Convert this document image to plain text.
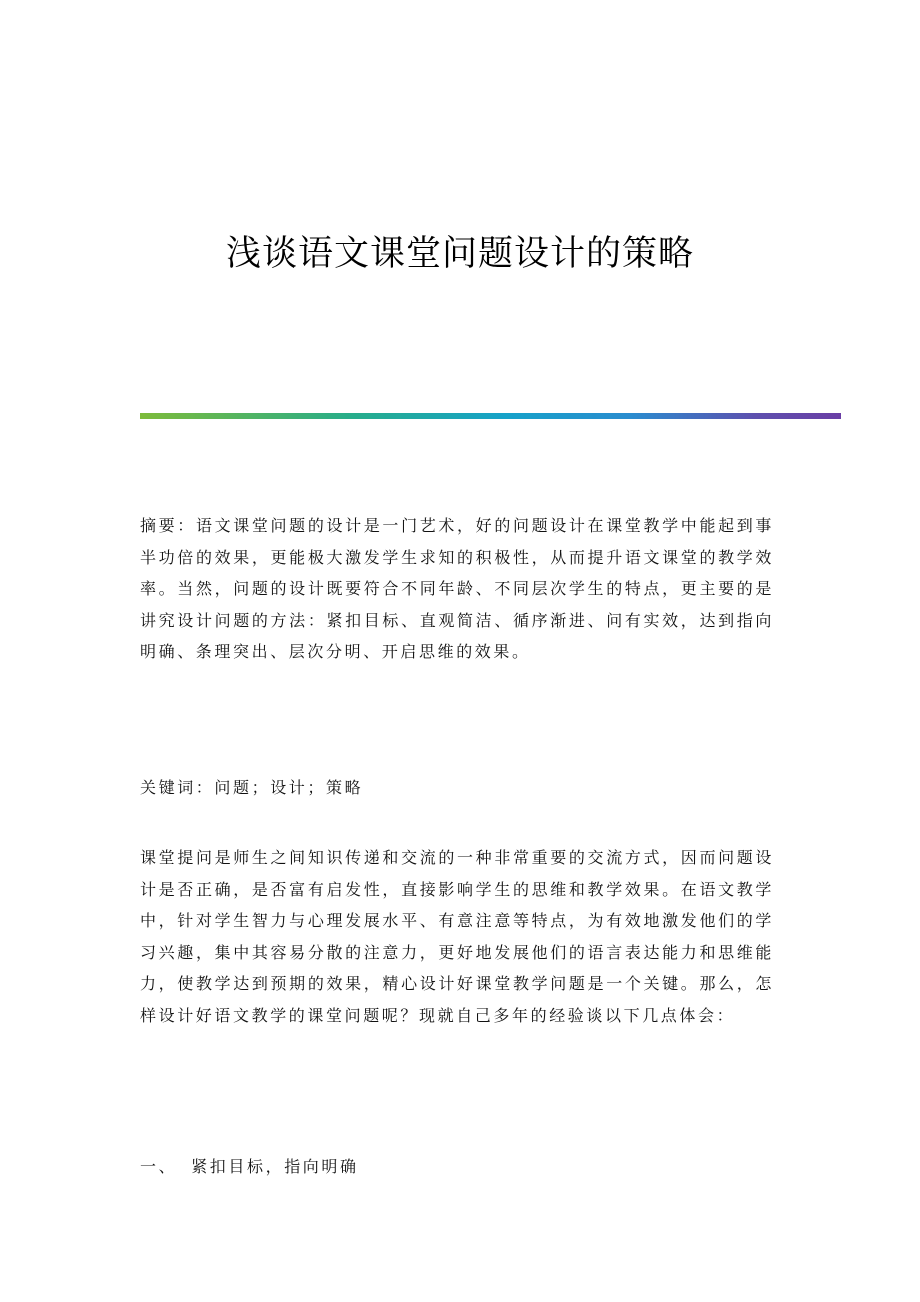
浅谈语文课堂问题设计的策略
摘要：语文课堂问题的设计是一门艺术，好的问题设计在课堂教学中能起到事半功倍的效果，更能极大激发学生求知的积极性，从而提升语文课堂的教学效率。当然，问题的设计既要符合不同年龄、不同层次学生的特点，更主要的是讲究设计问题的方法：紧扣目标、直观简洁、循序渐进、问有实效，达到指向明确、条理突出、层次分明、开启思维的效果。
关键词：问题；设计；策略
课堂提问是师生之间知识传递和交流的一种非常重要的交流方式，因而问题设计是否正确，是否富有启发性，直接影响学生的思维和教学效果。在语文教学中，针对学生智力与心理发展水平、有意注意等特点，为有效地激发他们的学习兴趣，集中其容易分散的注意力，更好地发展他们的语言表达能力和思维能力，使教学达到预期的效果，精心设计好课堂教学问题是一个关键。那么，怎样设计好语文教学的课堂问题呢？现就自己多年的经验谈以下几点体会：
一、 紧扣目标，指向明确
